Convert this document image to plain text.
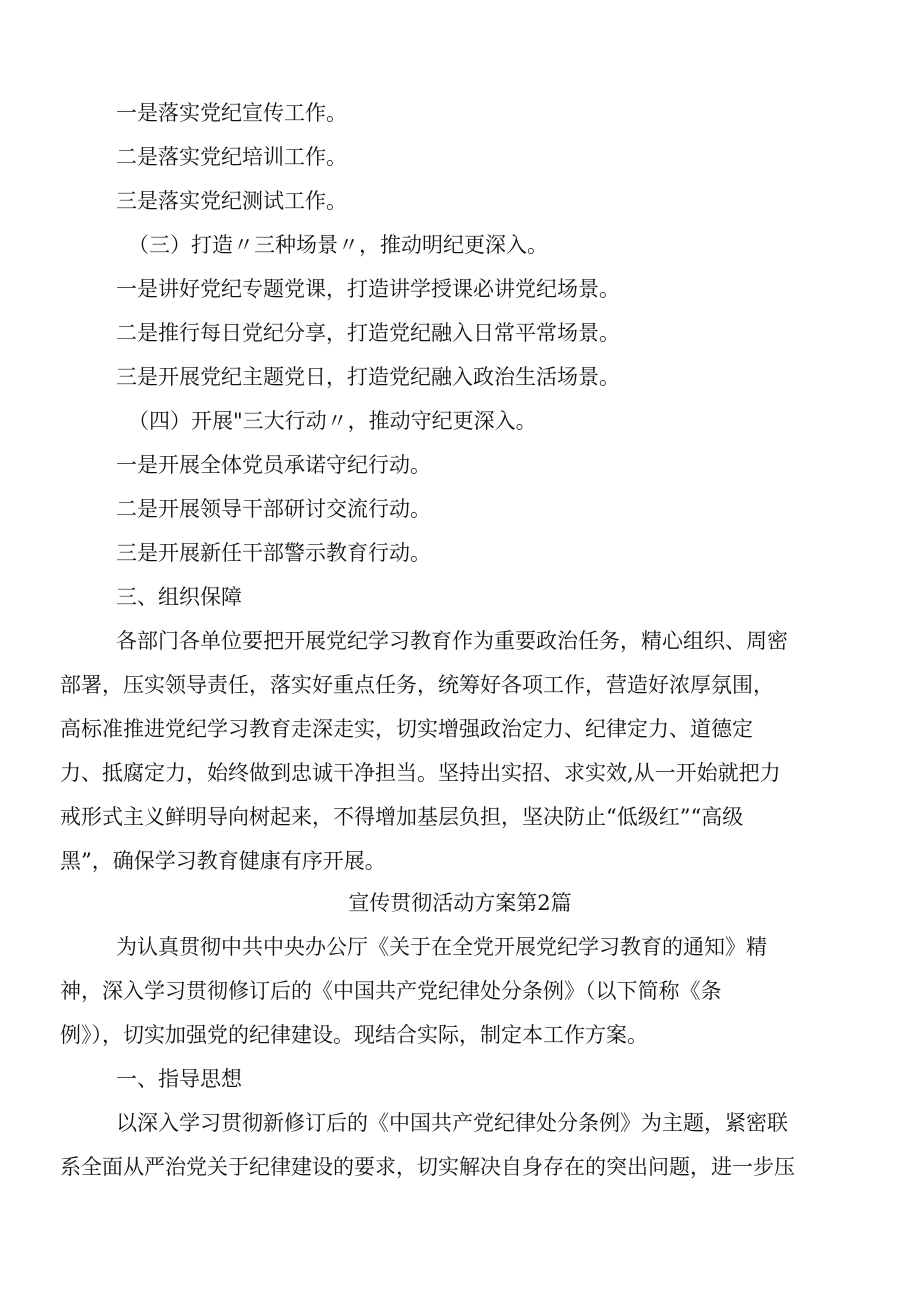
一是落实党纪宣传工作。
二是落实党纪培训工作。
三是落实党纪测试工作。
（三）打造〃三种场景〃，推动明纪更深入。
一是讲好党纪专题党课，打造讲学授课必讲党纪场景。
二是推行每日党纪分享，打造党纪融入日常平常场景。
三是开展党纪主题党日，打造党纪融入政治生活场景。
（四）开展"三大行动〃，推动守纪更深入。
一是开展全体党员承诺守纪行动。
二是开展领导干部研讨交流行动。
三是开展新任干部警示教育行动。
三、组织保障
各部门各单位要把开展党纪学习教育作为重要政治任务，精心组织、周密
部署，压实领导责任，落实好重点任务，统筹好各项工作，营造好浓厚氛围，
高标准推进党纪学习教育走深走实，切实增强政治定力、纪律定力、道德定
力、抵腐定力，始终做到忠诚干净担当。坚持出实招、求实效,从一开始就把力
戒形式主义鲜明导向树起来，不得增加基层负担，坚决防止“低级红”“高级
黑”，确保学习教育健康有序开展。
宣传贯彻活动方案第2篇
为认真贯彻中共中央办公厅《关于在全党开展党纪学习教育的通知》精
神，深入学习贯彻修订后的《中国共产党纪律处分条例》（以下简称《条
例》），切实加强党的纪律建设。现结合实际，制定本工作方案。
一、指导思想
以深入学习贯彻新修订后的《中国共产党纪律处分条例》为主题，紧密联
系全面从严治党关于纪律建设的要求，切实解决自身存在的突出问题，进一步压
